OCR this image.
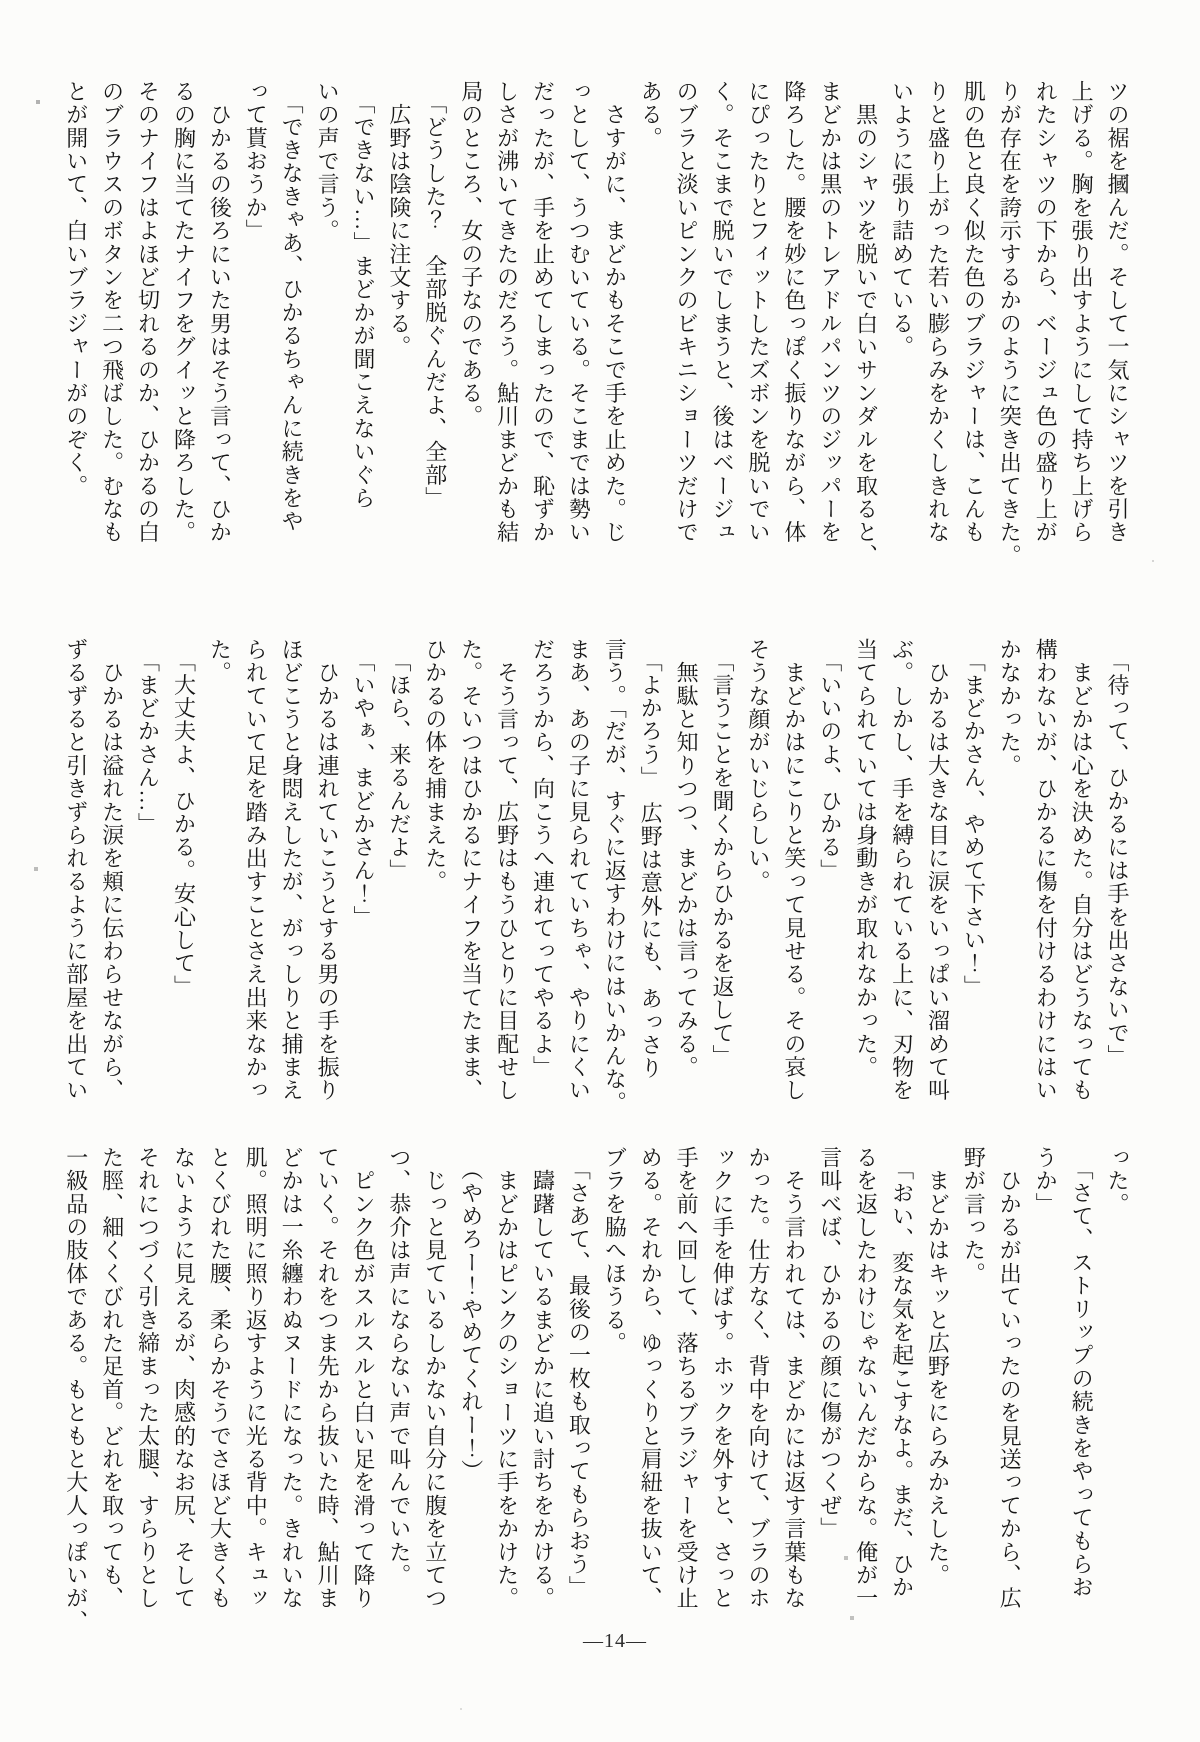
ツの裾を摑んだ。そして一気にシャツを引き
上げる。胸を張り出すようにして持ち上げら
れたシャツの下から、ベージュ色の盛り上が
りが存在を誇示するかのように突き出てきた。
肌の色と良く似た色のブラジャーは、こんも
りと盛り上がった若い膨らみをかくしきれな
いように張り詰めている。
　黒のシャツを脱いで白いサンダルを取ると、
まどかは黒のトレアドルパンツのジッパーを
降ろした。腰を妙に色っぽく振りながら、体
にぴったりとフィットしたズボンを脱いでい
く。そこまで脱いでしまうと、後はベージュ
のブラと淡いピンクのビキニショーツだけで
ある。
　さすがに、まどかもそこで手を止めた。じ
っとして、うつむいている。そこまでは勢い
だったが、手を止めてしまったので、恥ずか
しさが沸いてきたのだろう。鮎川まどかも結
局のところ、女の子なのである。
　「どうした？　全部脱ぐんだよ、全部」
　広野は陰険に注文する。
　「できない…」まどかが聞こえないぐら
いの声で言う。
　「できなきゃあ、ひかるちゃんに続きをや
って貰おうか」
　ひかるの後ろにいた男はそう言って、ひか
るの胸に当てたナイフをグイッと降ろした。
そのナイフはよほど切れるのか、ひかるの白
のブラウスのボタンを二つ飛ばした。むなも
とが開いて、白いブラジャーがのぞく。
　「待って、ひかるには手を出さないで」
　まどかは心を決めた。自分はどうなっても
構わないが、ひかるに傷を付けるわけにはい
かなかった。
　「まどかさん、やめて下さい！」
　ひかるは大きな目に涙をいっぱい溜めて叫
ぶ。しかし、手を縛られている上に、刃物を
当てられていては身動きが取れなかった。
　「いいのよ、ひかる」
　まどかはにこりと笑って見せる。その哀し
そうな顔がいじらしい。
　「言うことを聞くからひかるを返して」
　無駄と知りつつ、まどかは言ってみる。
　「よかろう」　広野は意外にも、あっさり
言う。「だが、すぐに返すわけにはいかんな。
まあ、あの子に見られていちゃ、やりにくい
だろうから、向こうへ連れてってやるよ」
　そう言って、広野はもうひとりに目配せし
た。そいつはひかるにナイフを当てたまま、
ひかるの体を捕まえた。
　「ほら、来るんだよ」
　「いやぁ、まどかさん！」
　ひかるは連れていこうとする男の手を振り
ほどこうと身悶えしたが、がっしりと捕まえ
られていて足を踏み出すことさえ出来なかっ
た。
　「大丈夫よ、ひかる。安心して」
　「まどかさん…」
　ひかるは溢れた涙を頬に伝わらせながら、
ずるずると引きずられるように部屋を出てい
った。
　「さて、ストリップの続きをやってもらお
うか」
　ひかるが出ていったのを見送ってから、広
野が言った。
　まどかはキッと広野をにらみかえした。
　「おい、変な気を起こすなよ。まだ、ひか
るを返したわけじゃないんだからな。俺が一
言叫べば、ひかるの顔に傷がつくぜ」
　そう言われては、まどかには返す言葉もな
かった。仕方なく、背中を向けて、ブラのホ
ックに手を伸ばす。ホックを外すと、さっと
手を前へ回して、落ちるブラジャーを受け止
める。それから、ゆっくりと肩紐を抜いて、
ブラを脇へほうる。
　「さあて、最後の一枚も取ってもらおう」
　躊躇しているまどかに追い討ちをかける。
　まどかはピンクのショーツに手をかけた。
　（やめろー！やめてくれー！）
　じっと見ているしかない自分に腹を立てつ
つ、恭介は声にならない声で叫んでいた。
　ピンク色がスルスルと白い足を滑って降り
ていく。それをつま先から抜いた時、鮎川ま
どかは一糸纏わぬヌードになった。きれいな
肌。照明に照り返すように光る背中。キュッ
とくびれた腰、柔らかそうでさほど大きくも
ないように見えるが、肉感的なお尻、そして
それにつづく引き締まった太腿、すらりとし
た脛、細くくびれた足首。どれを取っても、
一級品の肢体である。もともと大人っぽいが、
—14—
